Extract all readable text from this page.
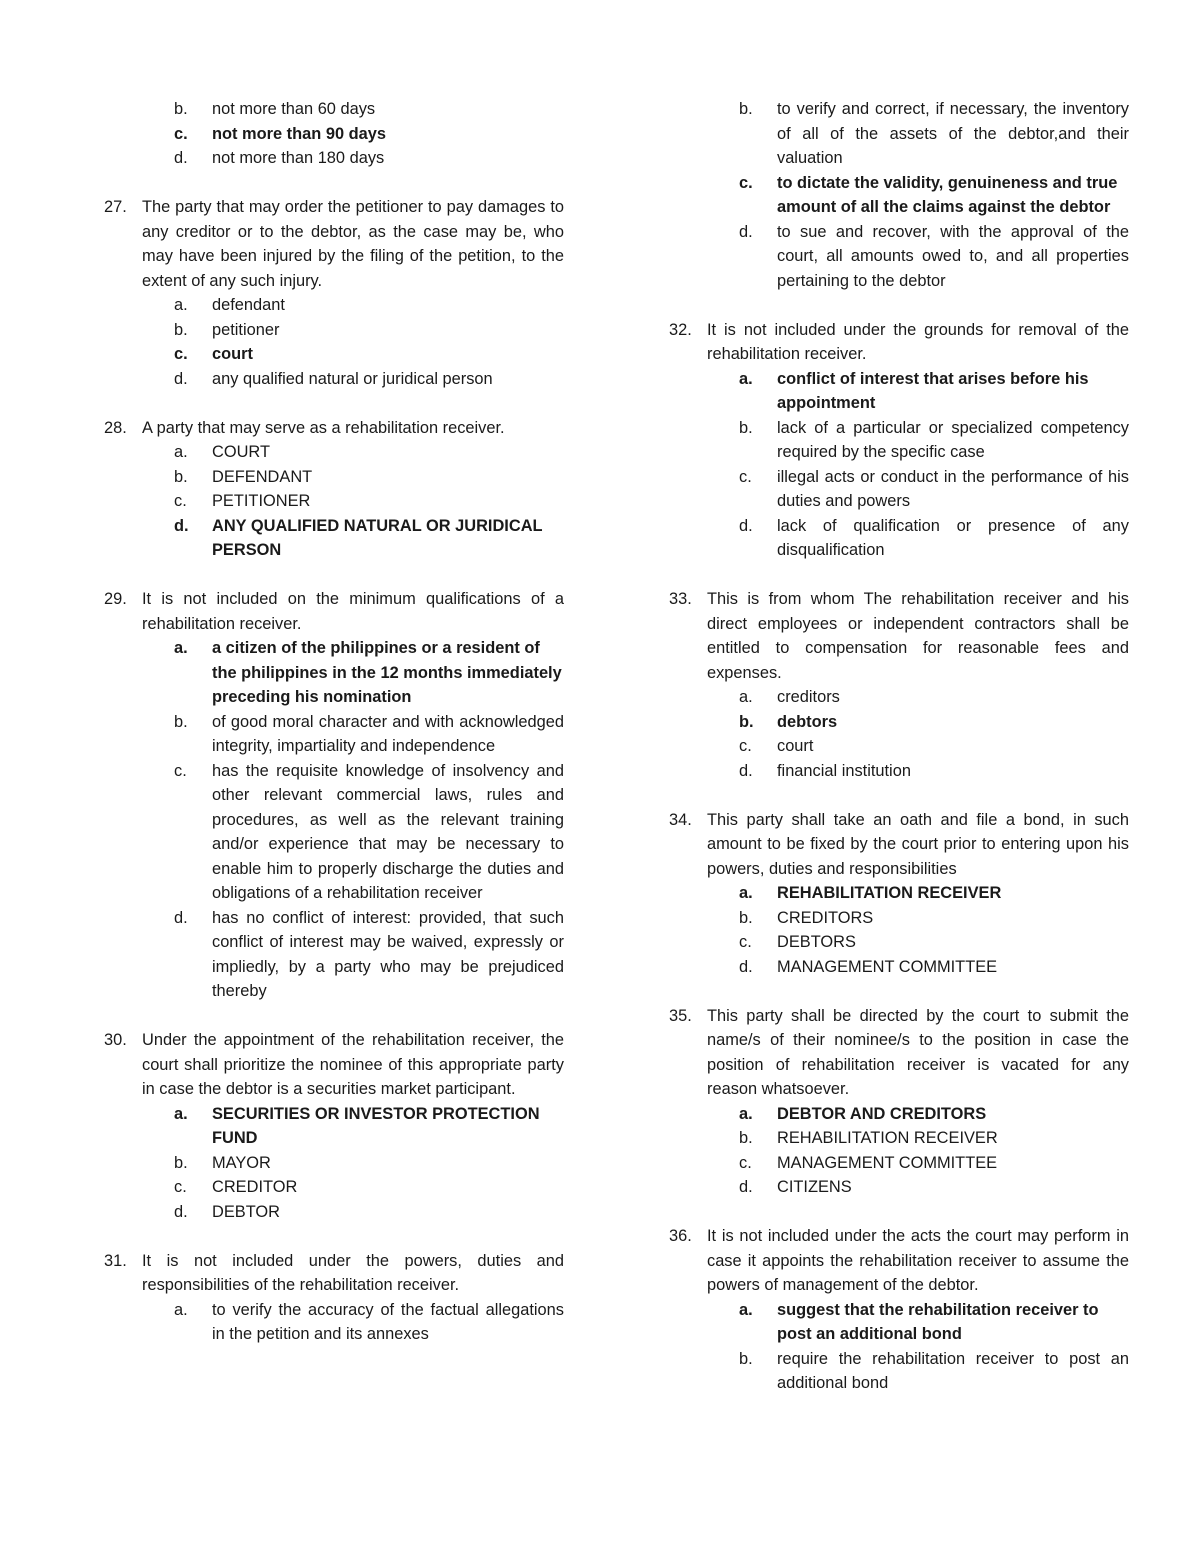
b.	not more than 60 days
c.	not more than 90 days
d.	not more than 180 days
27. The party that may order the petitioner to pay damages to any creditor or to the debtor, as the case may be, who may have been injured by the filing of the petition, to the extent of any such injury.
a.	defendant
b.	petitioner
c.	court
d.	any qualified natural or juridical person
28. A party that may serve as a rehabilitation receiver.
a.	COURT
b.	DEFENDANT
c.	PETITIONER
d.	ANY QUALIFIED NATURAL OR JURIDICAL PERSON
29. It is not included on the minimum qualifications of a rehabilitation receiver.
a.	a citizen of the philippines or a resident of the philippines in the 12 months immediately preceding his nomination
b.	of good moral character and with acknowledged integrity, impartiality and independence
c.	has the requisite knowledge of insolvency and other relevant commercial laws, rules and procedures, as well as the relevant training and/or experience that may be necessary to enable him to properly discharge the duties and obligations of a rehabilitation receiver
d.	has no conflict of interest: provided, that such conflict of interest may be waived, expressly or impliedly, by a party who may be prejudiced thereby
30. Under the appointment of the rehabilitation receiver, the court shall prioritize the nominee of this appropriate party in case the debtor is a securities market participant.
a.	SECURITIES OR INVESTOR PROTECTION FUND
b.	MAYOR
c.	CREDITOR
d.	DEBTOR
31. It is not included under the powers, duties and responsibilities of the rehabilitation receiver.
a.	to verify the accuracy of the factual allegations in the petition and its annexes
b.	to verify and correct, if necessary, the inventory of all of the assets of the debtor,and their valuation
c.	to dictate the validity, genuineness and true amount of all the claims against the debtor
d.	to sue and recover, with the approval of the court, all amounts owed to, and all properties pertaining to the debtor
32. It is not included under the grounds for removal of the rehabilitation receiver.
a.	conflict of interest that arises before his appointment
b.	lack of a particular or specialized competency required by the specific case
c.	illegal acts or conduct in the performance of his duties and powers
d.	lack of qualification or presence of any disqualification
33. This is from whom The rehabilitation receiver and his direct employees or independent contractors shall be entitled to compensation for reasonable fees and expenses.
a.	creditors
b.	debtors
c.	court
d.	financial institution
34. This party shall take an oath and file a bond, in such amount to be fixed by the court prior to entering upon his powers, duties and responsibilities
a.	REHABILITATION RECEIVER
b.	CREDITORS
c.	DEBTORS
d.	MANAGEMENT COMMITTEE
35. This party shall be directed by the court to submit the name/s of their nominee/s to the position in case the position of rehabilitation receiver is vacated for any reason whatsoever.
a.	DEBTOR AND CREDITORS
b.	REHABILITATION RECEIVER
c.	MANAGEMENT COMMITTEE
d.	CITIZENS
36. It is not included under the acts the court may perform in case it appoints the rehabilitation receiver to assume the powers of management of the debtor.
a.	suggest that the rehabilitation receiver to post an additional bond
b.	require the rehabilitation receiver to post an additional bond
